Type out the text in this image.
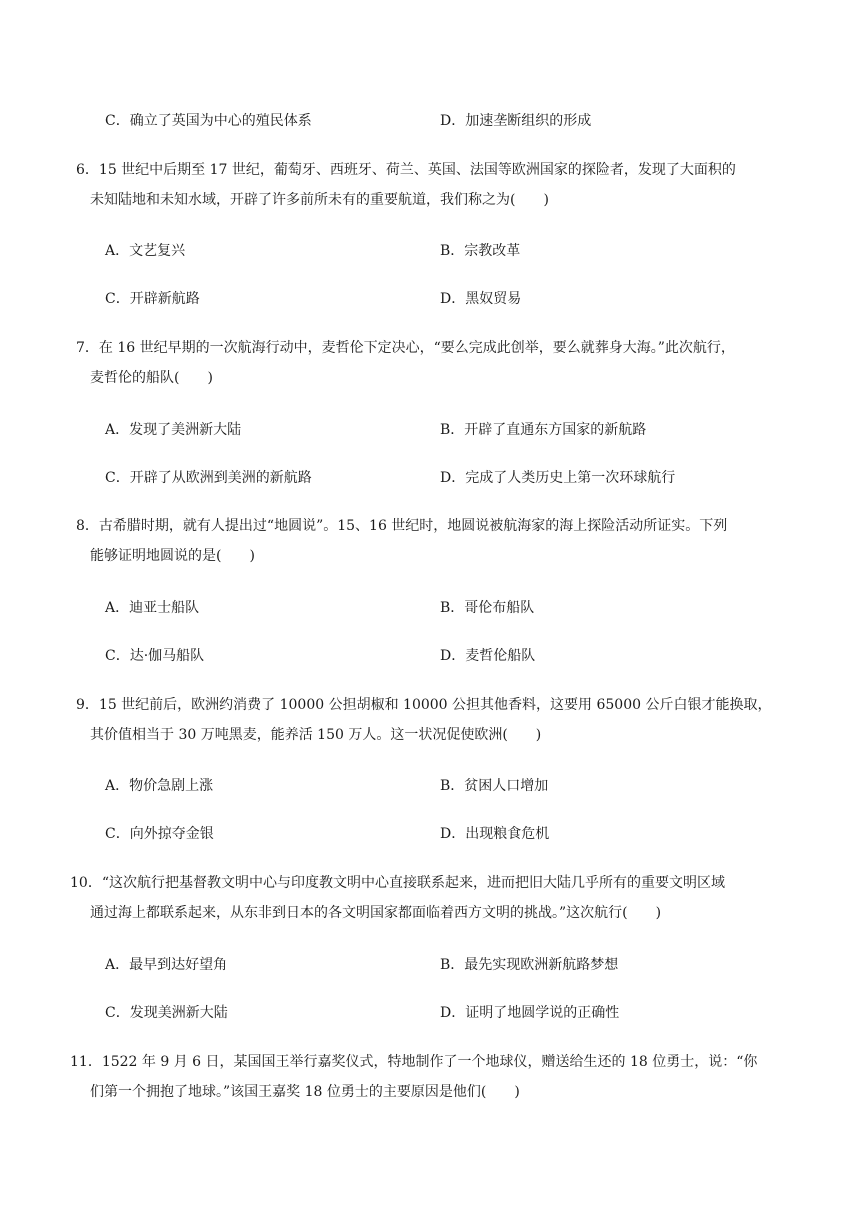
C．确立了英国为中心的殖民体系	D．加速垄断组织的形成
6．15 世纪中后期至 17 世纪，葡萄牙、西班牙、荷兰、英国、法国等欧洲国家的探险者，发现了大面积的
未知陆地和未知水域，开辟了许多前所未有的重要航道，我们称之为(　　)
A．文艺复兴	B．宗教改革
C．开辟新航路	D．黑奴贸易
7．在 16 世纪早期的一次航海行动中，麦哲伦下定决心，“要么完成此创举，要么就葬身大海。”此次航行，
麦哲伦的船队(　　)
A．发现了美洲新大陆	B．开辟了直通东方国家的新航路
C．开辟了从欧洲到美洲的新航路	D．完成了人类历史上第一次环球航行
8．古希腊时期，就有人提出过“地圆说”。15、16 世纪时，地圆说被航海家的海上探险活动所证实。下列
能够证明地圆说的是(　　)
A．迪亚士船队	B．哥伦布船队
C．达·伽马船队	D．麦哲伦船队
9．15 世纪前后，欧洲约消费了 10000 公担胡椒和 10000 公担其他香料，这要用 65000 公斤白银才能换取，
其价值相当于 30 万吨黑麦，能养活 150 万人。这一状况促使欧洲(　　)
A．物价急剧上涨	B．贫困人口增加
C．向外掠夺金银	D．出现粮食危机
10．“这次航行把基督教文明中心与印度教文明中心直接联系起来，进而把旧大陆几乎所有的重要文明区域
通过海上都联系起来，从东非到日本的各文明国家都面临着西方文明的挑战。”这次航行(　　)
A．最早到达好望角	B．最先实现欧洲新航路梦想
C．发现美洲新大陆	D．证明了地圆学说的正确性
11．1522 年 9 月 6 日，某国国王举行嘉奖仪式，特地制作了一个地球仪，赠送给生还的 18 位勇士，说：“你
们第一个拥抱了地球。”该国王嘉奖 18 位勇士的主要原因是他们(　　)
